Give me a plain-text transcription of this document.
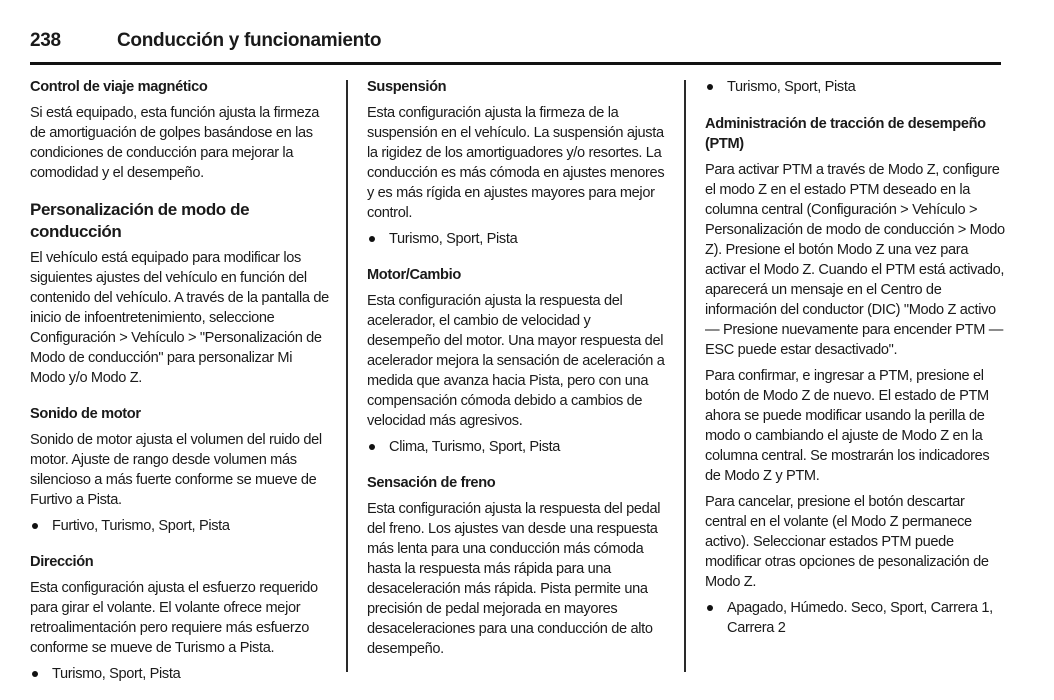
238	Conducción y funcionamiento
Control de viaje magnético

Si está equipado, esta función ajusta la firmeza de amortiguación de golpes basándose en las condiciones de conducción para mejorar la comodidad y el desempeño.

Personalización de modo de conducción

El vehículo está equipado para modificar los siguientes ajustes del vehículo en función del contenido del vehículo. A través de la pantalla de inicio de infoentretenimiento, seleccione Configuración > Vehículo > "Personalización de Modo de conducción" para personalizar Mi Modo y/o Modo Z.

Sonido de motor

Sonido de motor ajusta el volumen del ruido del motor. Ajuste de rango desde volumen más silencioso a más fuerte conforme se mueve de Furtivo a Pista.

Furtivo, Turismo, Sport, Pista
Dirección

Esta configuración ajusta el esfuerzo requerido para girar el volante. El volante ofrece mejor retroalimentación pero requiere más esfuerzo conforme se mueve de Turismo a Pista.

Turismo, Sport, Pista
Suspensión

Esta configuración ajusta la firmeza de la suspensión en el vehículo. La suspensión ajusta la rigidez de los amortiguadores y/o resortes. La conducción es más cómoda en ajustes menores y es más rígida en ajustes mayores para mejor control.

Turismo, Sport, Pista
Motor/Cambio

Esta configuración ajusta la respuesta del acelerador, el cambio de velocidad y desempeño del motor. Una mayor respuesta del acelerador mejora la sensación de aceleración a medida que avanza hacia Pista, pero con una compensación cómoda debido a cambios de velocidad más agresivos.

Clima, Turismo, Sport, Pista
Sensación de freno

Esta configuración ajusta la respuesta del pedal del freno. Los ajustes van desde una respuesta más lenta para una conducción más cómoda hasta la respuesta más rápida para una desaceleración más rápida. Pista permite una precisión de pedal mejorada en mayores desaceleraciones para una conducción de alto desempeño.

Turismo, Sport, Pista
Administración de tracción de desempeño (PTM)

Para activar PTM a través de Modo Z, configure el modo Z en el estado PTM deseado en la columna central (Configuración > Vehículo > Personalización de modo de conducción > Modo Z). Presione el botón Modo Z una vez para activar el Modo Z. Cuando el PTM está activado, aparecerá un mensaje en el Centro de información del conductor (DIC) "Modo Z activo — Presione nuevamente para encender PTM — ESC puede estar desactivado".

Para confirmar, e ingresar a PTM, presione el botón de Modo Z de nuevo. El estado de PTM ahora se puede modificar usando la perilla de modo o cambiando el ajuste de Modo Z en la columna central. Se mostrarán los indicadores de Modo Z y PTM.

Para cancelar, presione el botón descartar central en el volante (el Modo Z permanece activo). Seleccionar estados PTM puede modificar otras opciones de pesonalización de Modo Z.

Apagado, Húmedo. Seco, Sport, Carrera 1, Carrera 2
